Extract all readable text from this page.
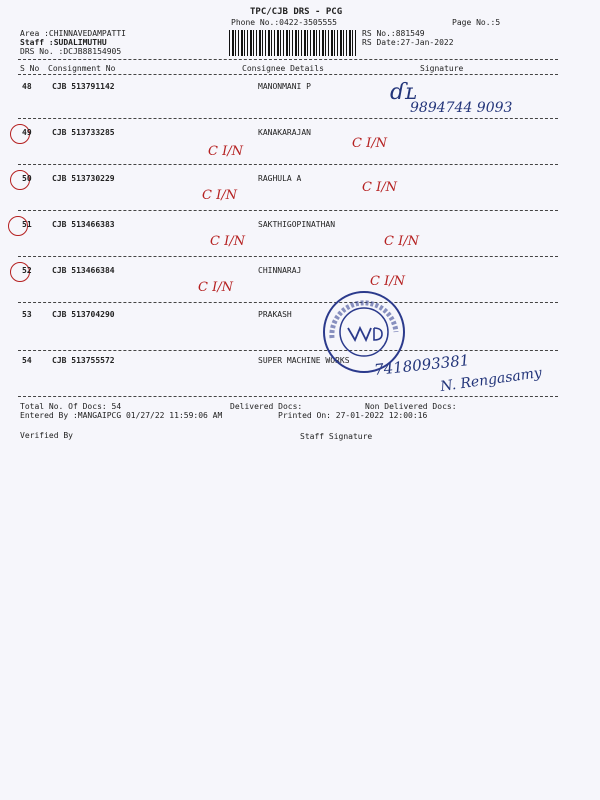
TPC/CJB DRS - PCG
Phone No.:0422-3505555	Page No.:5
Area :CHINNAVEDAMPATTI
Staff :SUDALIMUTHU
DRS No. :DCJB88154905
RS No.:881549
RS Date:27-Jan-2022
S No Consignment No	Consignee Details	Signature
48	CJB 513791142	MANONMANI P	ɗʟ
9894744 9093
49	CJB 513733285	KANAKARAJAN
C I/N
C I/N
50	CJB 513730229	RAGHULA A
C I/N
C I/N
51	CJB 513466383	SAKTHIGOPINATHAN
C I/N	C I/N
52	CJB 513466384	CHINNARAJ
C I/N	C I/N
53	CJB 513704290	PRAKASH
54	CJB 513755572	SUPER MACHINE WORKS 7418093381
N. Rengasamy
Total No. Of Docs: 54	Delivered Docs:	Non Delivered Docs:
Entered By :MANGAIPCG 01/27/22 11:59:06 AM	Printed On: 27-01-2022 12:00:16
Verified By	Staff Signature
